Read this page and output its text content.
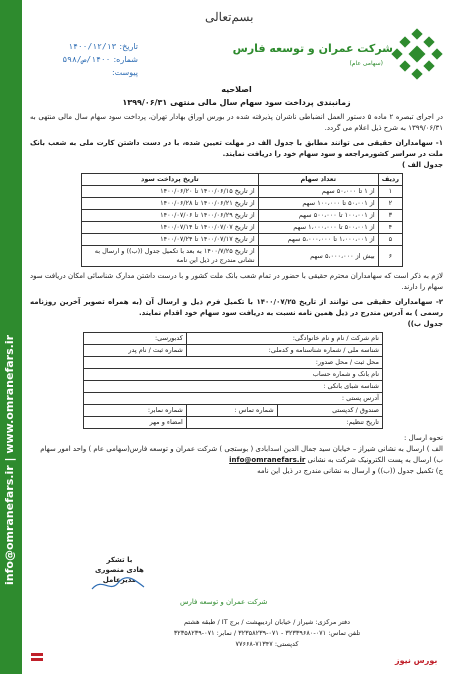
info@omranefars.ir | www.omranefars.ir
بسم‌تعالی
تاریخ:
۱۴۰۰/۱۲/۱۳
شماره:
۱۴۰۰/ص/۵۹۸
پیوست:
شرکت عمران و توسعه فارس
(سهامی عام)
اصلاحیه
زمانبندی پرداخت سود سهام سال مالی منتهی ۱۳۹۹/۰۶/۳۱
در اجرای تبصره ۲ ماده ۵ دستور العمل انضباطی ناشران پذیرفته شده در بورس اوراق بهادار تهران، پرداخت سود سهام سال مالی منتهی به ۱۳۹۹/۰۶/۳۱ به شرح ذیل اعلام می گردد.
۱- سهامداران حقیقی می توانند مطابق با جدول الف در مهلت تعیین شده، با در دست داشتن کارت ملی به شعب بانک ملت در سراسر کشورمراجعه و سود سهام خود را دریافت نمایند.
جدول الف )
ردیف	تعداد سهام	تاریخ پرداخت سود
۱	از ۱ تا ۵۰،۰۰۰ سهم	از تاریخ ۱۴۰۰/۰۶/۱۵ تا ۱۴۰۰/۰۶/۲۰
۲	از ۵۰،۰۰۱ تا ۱۰۰،۰۰۰ سهم	از تاریخ ۱۴۰۰/۰۶/۲۱ تا ۱۴۰۰/۰۶/۲۸
۳	از ۱۰۰،۰۰۱ تا ۵۰۰،۰۰۰ سهم	از تاریخ ۱۴۰۰/۰۶/۲۹ تا ۱۴۰۰/۰۷/۰۶
۴	از ۵۰۰،۰۰۱ تا ۱،۰۰۰،۰۰۰ سهم	از تاریخ ۱۴۰۰/۰۷/۰۷ تا ۱۴۰۰/۰۷/۱۴
۵	از ۱،۰۰۰،۰۰۱ تا ۵،۰۰۰،۰۰۰ سهم	از تاریخ ۱۴۰۰/۰۷/۱۷ تا ۱۴۰۰/۰۷/۲۴
۶	بیش از ۵،۰۰۰،۰۰۰ سهم	از تاریخ ۱۴۰۰/۷/۲۵ به بعد با تکمیل جدول ((ب)) و ارسال به نشانی مندرج در ذیل این نامه
لازم به ذکر است که سهامداران محترم حقیقی با حضور در تمام شعب بانک ملت کشور و با درست داشتن مدارک شناسائی امکان دریافت سود سهام را دارند.
۲- سهامداران حقیقی می توانند از تاریخ ۱۴۰۰/۰۷/۲۵ با تکمیل فرم ذیل و ارسال آن (به همراه تصویر آخرین روزنامه رسمی ) به آدرس مندرج در ذیل همین نامه نسبت به دریافت سود سهام خود اقدام نمایند.
جدول ب))
نام شرکت / نام و نام خانوادگی:		کدبورسی:
شناسه ملی / شماره شناسنامه و کدملی:		شماره ثبت / نام پدر
محل ثبت / محل صدور:		
نام بانک و شماره حساب		
شناسه شبای بانکی :		
آدرس پستی :		
صندوق / کدپستی	شماره تماس :	شماره نمابر:
تاریخ تنظیم:		امضاء و مهر
نحوه ارسال :
الف ) ارسال به نشانی شیراز – خیابان سید جمال الدین اسدابادی ( بوستجی ) شرکت عمران و توسعه فارس(سهامی عام ) واحد امور سهام
ب) ارسال به پست الکترونیک شرکت به نشانی info@omranefars.ir
ج) تکمیل جدول ((ب)) و ارسال به نشانی مندرج در ذیل این نامه
با تشکر
هادی منصوری
مدیرعامل
شرکت عمران و توسعه فارس
دفتر مرکزی: شیراز / خیابان اردیبهشت / برج IT / طبقه هشتم
تلفن تماس: ۰۷۱-۳۲۳۳۹۶۸۰ - ۰۷۱-۳۲۳۵۸۲۳۹ / نمابر: ۰۷۱-۳۲۳۵۸۲۳۹
کدپستی: ۷۱۳۴۷-۷۷۶۶۸
بورس نیوز
